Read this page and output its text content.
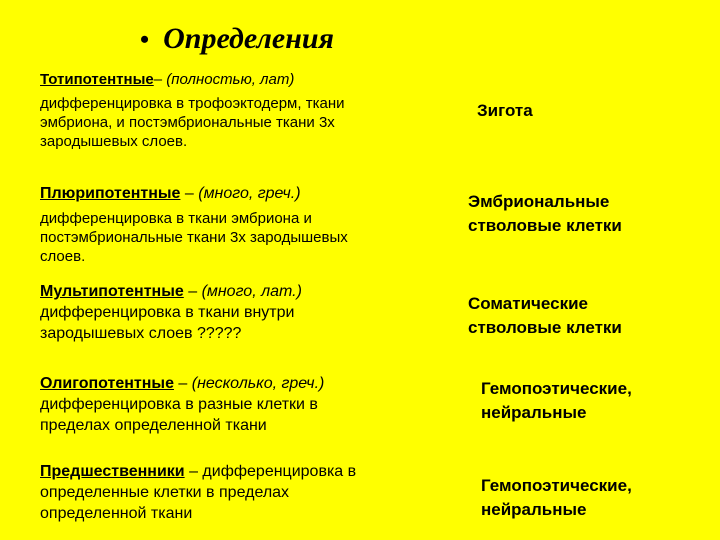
• Определения
Тотипотентные– (полностью, лат)
дифференцировка в трофоэктодерм, ткани
эмбриона, и постэмбриональные ткани 3х
зародышевых слоев.
Зигота
Плюрипотентные – (много, греч.)
дифференцировка в ткани эмбриона и
постэмбриональные ткани 3х зародышевых
слоев.
Эмбриональные
стволовые клетки
Мультипотентные – (много, лат.)
дифференцировка в ткани внутри
зародышевых слоев ?????
Соматические
стволовые клетки
Олигопотентные – (несколько, греч.)
дифференцировка в разные клетки в
пределах определенной ткани
Гемопоэтические,
нейральные
Предшественники – дифференцировка в
определенные клетки в пределах
определенной ткани
Гемопоэтические,
нейральные
